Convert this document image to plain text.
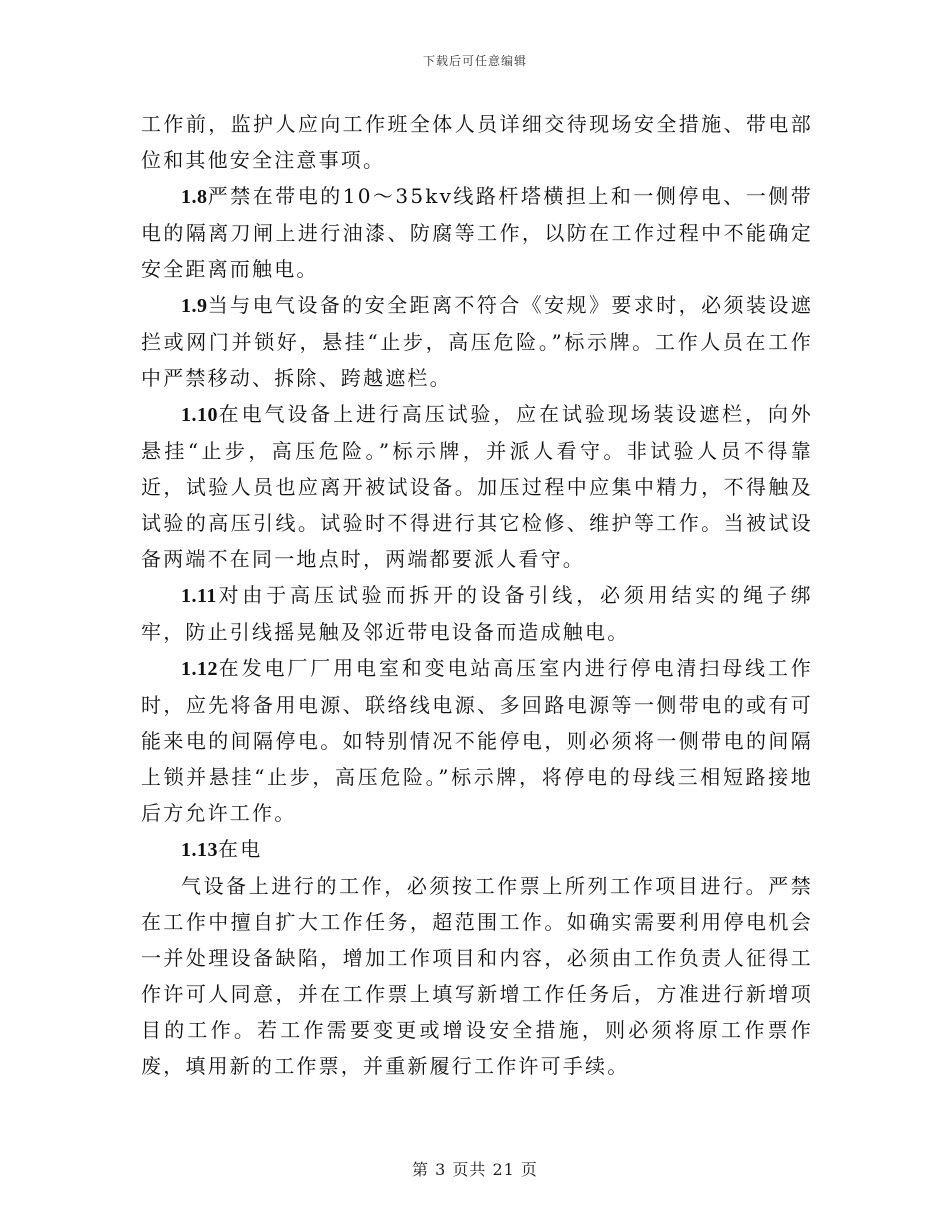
下载后可任意编辑

工作前，监护人应向工作班全体人员详细交待现场安全措施、带电部位和其他安全注意事项。

1.8严禁在带电的10～35kv线路杆塔横担上和一侧停电、一侧带电的隔离刀闸上进行油漆、防腐等工作，以防在工作过程中不能确定安全距离而触电。

1.9当与电气设备的安全距离不符合《安规》要求时，必须装设遮拦或网门并锁好，悬挂“止步，高压危险。”标示牌。工作人员在工作中严禁移动、拆除、跨越遮栏。

1.10在电气设备上进行高压试验，应在试验现场装设遮栏，向外悬挂“止步，高压危险。”标示牌，并派人看守。非试验人员不得靠近，试验人员也应离开被试设备。加压过程中应集中精力，不得触及试验的高压引线。试验时不得进行其它检修、维护等工作。当被试设备两端不在同一地点时，两端都要派人看守。

1.11对由于高压试验而拆开的设备引线，必须用结实的绳子绑牢，防止引线摇晃触及邻近带电设备而造成触电。

1.12在发电厂厂用电室和变电站高压室内进行停电清扫母线工作时，应先将备用电源、联络线电源、多回路电源等一侧带电的或有可能来电的间隔停电。如特别情况不能停电，则必须将一侧带电的间隔上锁并悬挂“止步，高压危险。”标示牌，将停电的母线三相短路接地后方允许工作。

1.13在电

气设备上进行的工作，必须按工作票上所列工作项目进行。严禁在工作中擅自扩大工作任务，超范围工作。如确实需要利用停电机会一并处理设备缺陷，增加工作项目和内容，必须由工作负责人征得工作许可人同意，并在工作票上填写新增工作任务后，方准进行新增项目的工作。若工作需要变更或增设安全措施，则必须将原工作票作废，填用新的工作票，并重新履行工作许可手续。

第 3 页共 21 页
